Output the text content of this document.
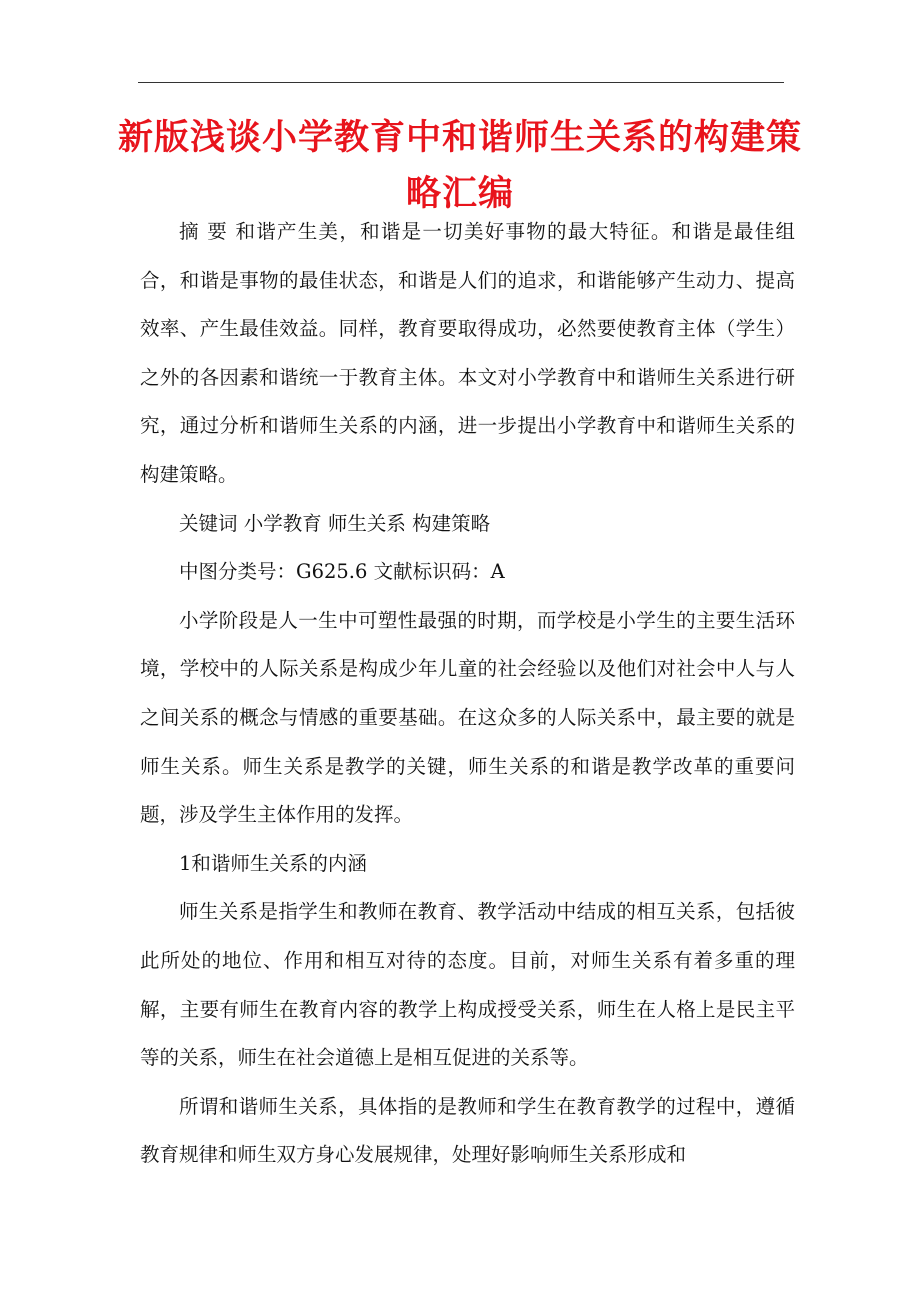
新版浅谈小学教育中和谐师生关系的构建策略汇编

摘 要 和谐产生美，和谐是一切美好事物的最大特征。和谐是最佳组合，和谐是事物的最佳状态，和谐是人们的追求，和谐能够产生动力、提高效率、产生最佳效益。同样，教育要取得成功，必然要使教育主体（学生）之外的各因素和谐统一于教育主体。本文对小学教育中和谐师生关系进行研究，通过分析和谐师生关系的内涵，进一步提出小学教育中和谐师生关系的构建策略。

关键词 小学教育 师生关系 构建策略

中图分类号：G625.6 文献标识码：A

小学阶段是人一生中可塑性最强的时期，而学校是小学生的主要生活环境，学校中的人际关系是构成少年儿童的社会经验以及他们对社会中人与人之间关系的概念与情感的重要基础。在这众多的人际关系中，最主要的就是师生关系。师生关系是教学的关键，师生关系的和谐是教学改革的重要问题，涉及学生主体作用的发挥。

1和谐师生关系的内涵

师生关系是指学生和教师在教育、教学活动中结成的相互关系，包括彼此所处的地位、作用和相互对待的态度。目前，对师生关系有着多重的理解，主要有师生在教育内容的教学上构成授受关系，师生在人格上是民主平等的关系，师生在社会道德上是相互促进的关系等。

所谓和谐师生关系，具体指的是教师和学生在教育教学的过程中，遵循教育规律和师生双方身心发展规律，处理好影响师生关系形成和
